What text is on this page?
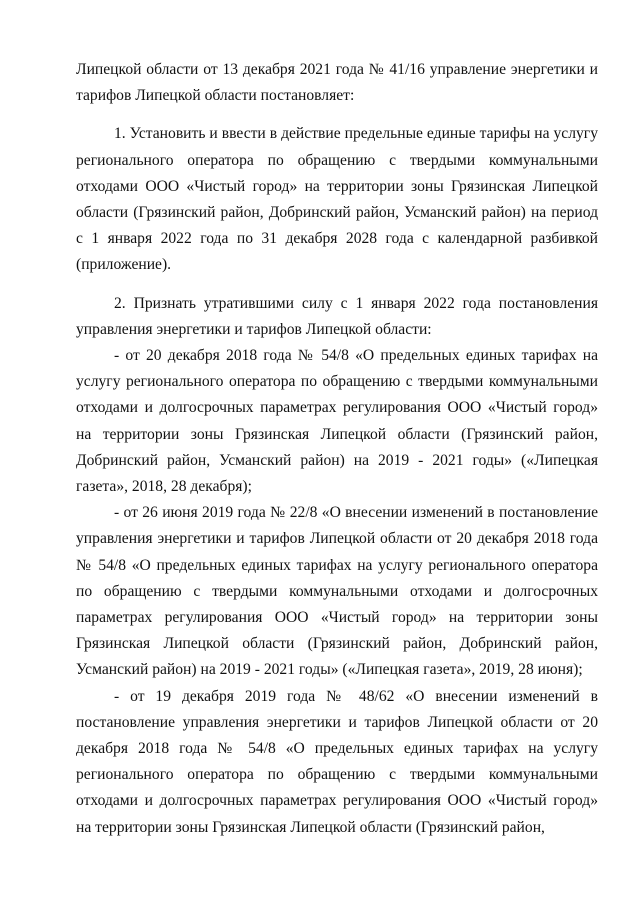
Липецкой области от 13 декабря 2021 года № 41/16 управление энергетики и тарифов Липецкой области постановляет:

1. Установить и ввести в действие предельные единые тарифы на услугу регионального оператора по обращению с твердыми коммунальными отходами ООО «Чистый город» на территории зоны Грязинская Липецкой области (Грязинский район, Добринский район, Усманский район) на период с 1 января 2022 года по 31 декабря 2028 года с календарной разбивкой (приложение).

2. Признать утратившими силу с 1 января 2022 года постановления управления энергетики и тарифов Липецкой области:

- от 20 декабря 2018 года № 54/8 «О предельных единых тарифах на услугу регионального оператора по обращению с твердыми коммунальными отходами и долгосрочных параметрах регулирования ООО «Чистый город» на территории зоны Грязинская Липецкой области (Грязинский район, Добринский район, Усманский район) на 2019 - 2021 годы» («Липецкая газета», 2018, 28 декабря);

- от 26 июня 2019 года № 22/8 «О внесении изменений в постановление управления энергетики и тарифов Липецкой области от 20 декабря 2018 года № 54/8 «О предельных единых тарифах на услугу регионального оператора по обращению с твердыми коммунальными отходами и долгосрочных параметрах регулирования ООО «Чистый город» на территории зоны Грязинская Липецкой области (Грязинский район, Добринский район, Усманский район) на 2019 - 2021 годы» («Липецкая газета», 2019, 28 июня);

- от 19 декабря 2019 года № 48/62 «О внесении изменений в постановление управления энергетики и тарифов Липецкой области от 20 декабря 2018 года № 54/8 «О предельных единых тарифах на услугу регионального оператора по обращению с твердыми коммунальными отходами и долгосрочных параметрах регулирования ООО «Чистый город» на территории зоны Грязинская Липецкой области (Грязинский район,
